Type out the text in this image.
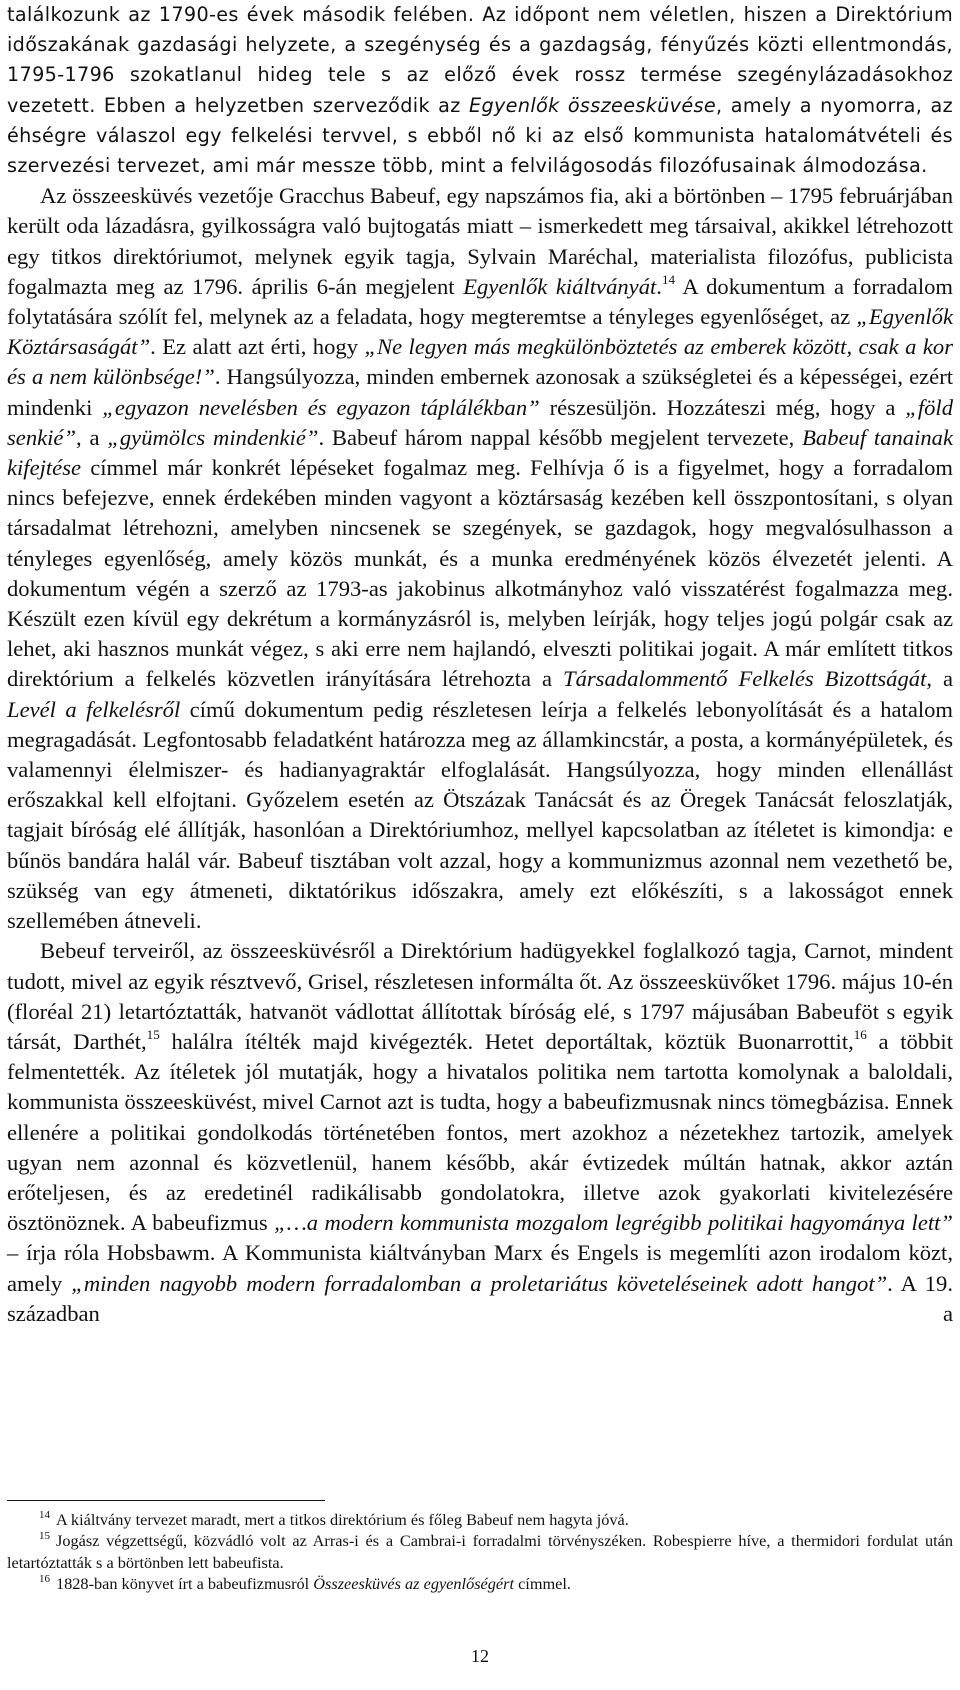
találkozunk az 1790-es évek második felében. Az időpont nem véletlen, hiszen a Direktórium időszakának gazdasági helyzete, a szegénység és a gazdagság, fényűzés közti ellentmondás, 1795-1796 szokatlanul hideg tele s az előző évek rossz termése szegénylázadásokhoz vezetett. Ebben a helyzetben szerveződik az Egyenlők összeesküvése, amely a nyomorra, az éhségre válaszol egy felkelési tervvel, s ebből nő ki az első kommunista hatalomátvételi és szervezési tervezet, ami már messze több, mint a felvilágosodás filozófusainak álmodozása.

Az összeesküvés vezetője Gracchus Babeuf, egy napszámos fia, aki a börtönben – 1795 februárjában került oda lázadásra, gyilkosságra való bujtogatás miatt – ismerkedett meg társaival, akikkel létrehozott egy titkos direktóriumot, melynek egyik tagja, Sylvain Maréchal, materialista filozófus, publicista fogalmazta meg az 1796. április 6-án megjelent Egyenlők kiáltványát.$^{14}$ A dokumentum a forradalom folytatására szólít fel, melynek az a feladata, hogy megteremtse a tényleges egyenlőséget, az „Egyenlők Köztársaságát”. Ez alatt azt érti, hogy „Ne legyen más megkülönböztetés az emberek között, csak a kor és a nem különbsége!”. Hangsúlyozza, minden embernek azonosak a szükségletei és a képességei, ezért mindenki „egyazon nevelésben és egyazon táplálékban” részesüljön. Hozzáteszi még, hogy a „föld senkié”, a „gyümölcs mindenkié”. Babeuf három nappal később megjelent tervezete, Babeuf tanainak kifejtése címmel már konkrét lépéseket fogalmaz meg. Felhívja ő is a figyelmet, hogy a forradalom nincs befejezve, ennek érdekében minden vagyont a köztársaság kezében kell összpontosítani, s olyan társadalmat létrehozni, amelyben nincsenek se szegények, se gazdagok, hogy megvalósulhasson a tényleges egyenlőség, amely közös munkát, és a munka eredményének közös élvezetét jelenti. A dokumentum végén a szerző az 1793-as jakobinus alkotmányhoz való visszatérést fogalmazza meg. Készült ezen kívül egy dekrétum a kormányzásról is, melyben leírják, hogy teljes jogú polgár csak az lehet, aki hasznos munkát végez, s aki erre nem hajlandó, elveszti politikai jogait. A már említett titkos direktórium a felkelés közvetlen irányítására létrehozta a Társadalommentő Felkelés Bizottságát, a Levél a felkelésről című dokumentum pedig részletesen leírja a felkelés lebonyolítását és a hatalom megragadását. Legfontosabb feladatként határozza meg az államkincstár, a posta, a kormányépületek, és valamennyi élelmiszer- és hadianyagraktár elfoglalását. Hangsúlyozza, hogy minden ellenállást erőszakkal kell elfojtani. Győzelem esetén az Ötszázak Tanácsát és az Öregek Tanácsát feloszlatják, tagjait bíróság elé állítják, hasonlóan a Direktóriumhoz, mellyel kapcsolatban az ítéletet is kimondja: e bűnös bandára halál vár. Babeuf tisztában volt azzal, hogy a kommunizmus azonnal nem vezethető be, szükség van egy átmeneti, diktatórikus időszakra, amely ezt előkészíti, s a lakosságot ennek szellemében átneveli.

Bebeuf terveiről, az összeesküvésről a Direktórium hadügyekkel foglalkozó tagja, Carnot, mindent tudott, mivel az egyik résztvevő, Grisel, részletesen informálta őt. Az összeesküvőket 1796. május 10-én (floréal 21) letartóztatták, hatvanöt vádlottat állítottak bíróság elé, s 1797 májusában Babeuföt s egyik társát, Darthét,$^{15}$ halálra ítélték majd kivégezték. Hetet deportáltak, köztük Buonarrottit,$^{16}$ a többit felmentették. Az ítéletek jól mutatják, hogy a hivatalos politika nem tartotta komolynak a baloldali, kommunista összeesküvést, mivel Carnot azt is tudta, hogy a babeufizmusnak nincs tömegbázisa. Ennek ellenére a politikai gondolkodás történetében fontos, mert azokhoz a nézetekhez tartozik, amelyek ugyan nem azonnal és közvetlenül, hanem később, akár évtizedek múltán hatnak, akkor aztán erőteljesen, és az eredetinél radikálisabb gondolatokra, illetve azok gyakorlati kivitelezésére ösztönöznek. A babeufizmus „…a modern kommunista mozgalom legrégibb politikai hagyománya lett” – írja róla Hobsbawm. A Kommunista kiáltványban Marx és Engels is megemlíti azon irodalom közt, amely „minden nagyobb modern forradalomban a proletariátus követeléseinek adott hangot”. A 19. században a

$^{14}$ A kiáltvány tervezet maradt, mert a titkos direktórium és főleg Babeuf nem hagyta jóvá.

$^{15}$ Jogász végzettségű, közvádló volt az Arras-i és a Cambrai-i forradalmi törvényszéken. Robespierre híve, a thermidori fordulat után letartóztatták s a börtönben lett babeufista.

$^{16}$ 1828-ban könyvet írt a babeufizmusról Összeesküvés az egyenlőségért címmel.

12
